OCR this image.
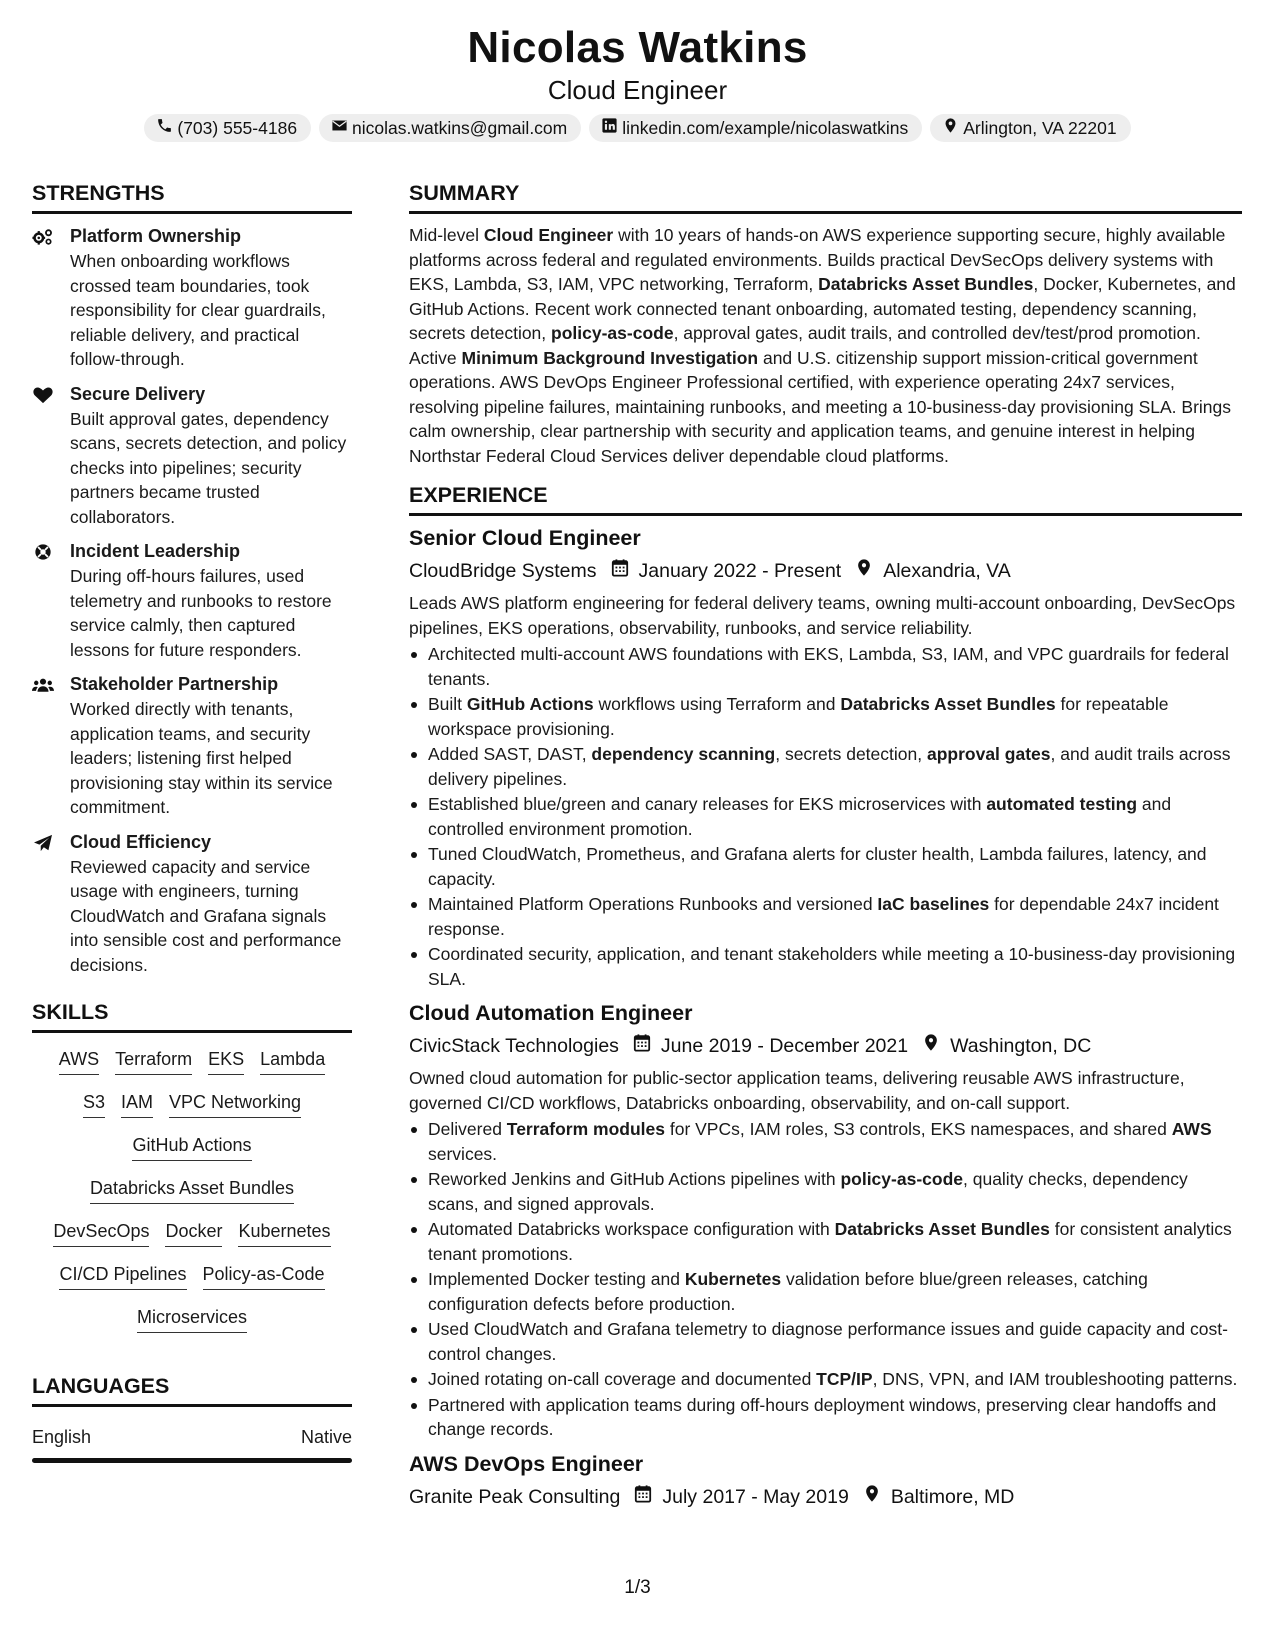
Nicolas Watkins
Cloud Engineer
(703) 555-4186	nicolas.watkins@gmail.com	linkedin.com/example/nicolaswatkins	Arlington, VA 22201
STRENGTHS
Platform Ownership
When onboarding workflows crossed team boundaries, took responsibility for clear guardrails, reliable delivery, and practical follow-through.
Secure Delivery
Built approval gates, dependency scans, secrets detection, and policy checks into pipelines; security partners became trusted collaborators.
Incident Leadership
During off-hours failures, used telemetry and runbooks to restore service calmly, then captured lessons for future responders.
Stakeholder Partnership
Worked directly with tenants, application teams, and security leaders; listening first helped provisioning stay within its service commitment.
Cloud Efficiency
Reviewed capacity and service usage with engineers, turning CloudWatch and Grafana signals into sensible cost and performance decisions.
SKILLS
AWS Terraform EKS Lambda
S3 IAM VPC Networking
GitHub Actions
Databricks Asset Bundles
DevSecOps Docker Kubernetes
CI/CD Pipelines Policy-as-Code
Microservices
LANGUAGES
English	Native
SUMMARY
Mid-level Cloud Engineer with 10 years of hands-on AWS experience supporting secure, highly available platforms across federal and regulated environments. Builds practical DevSecOps delivery systems with EKS, Lambda, S3, IAM, VPC networking, Terraform, Databricks Asset Bundles, Docker, Kubernetes, and GitHub Actions. Recent work connected tenant onboarding, automated testing, dependency scanning, secrets detection, policy-as-code, approval gates, audit trails, and controlled dev/test/prod promotion. Active Minimum Background Investigation and U.S. citizenship support mission-critical government operations. AWS DevOps Engineer Professional certified, with experience operating 24x7 services, resolving pipeline failures, maintaining runbooks, and meeting a 10-business-day provisioning SLA. Brings calm ownership, clear partnership with security and application teams, and genuine interest in helping Northstar Federal Cloud Services deliver dependable cloud platforms.
EXPERIENCE
Senior Cloud Engineer
CloudBridge Systems January 2022 - Present Alexandria, VA
Leads AWS platform engineering for federal delivery teams, owning multi-account onboarding, DevSecOps pipelines, EKS operations, observability, runbooks, and service reliability.
Architected multi-account AWS foundations with EKS, Lambda, S3, IAM, and VPC guardrails for federal tenants.
Built GitHub Actions workflows using Terraform and Databricks Asset Bundles for repeatable workspace provisioning.
Added SAST, DAST, dependency scanning, secrets detection, approval gates, and audit trails across delivery pipelines.
Established blue/green and canary releases for EKS microservices with automated testing and controlled environment promotion.
Tuned CloudWatch, Prometheus, and Grafana alerts for cluster health, Lambda failures, latency, and capacity.
Maintained Platform Operations Runbooks and versioned IaC baselines for dependable 24x7 incident response.
Coordinated security, application, and tenant stakeholders while meeting a 10-business-day provisioning SLA.
Cloud Automation Engineer
CivicStack Technologies June 2019 - December 2021 Washington, DC
Owned cloud automation for public-sector application teams, delivering reusable AWS infrastructure, governed CI/CD workflows, Databricks onboarding, observability, and on-call support.
Delivered Terraform modules for VPCs, IAM roles, S3 controls, EKS namespaces, and shared AWS services.
Reworked Jenkins and GitHub Actions pipelines with policy-as-code, quality checks, dependency scans, and signed approvals.
Automated Databricks workspace configuration with Databricks Asset Bundles for consistent analytics tenant promotions.
Implemented Docker testing and Kubernetes validation before blue/green releases, catching configuration defects before production.
Used CloudWatch and Grafana telemetry to diagnose performance issues and guide capacity and cost-control changes.
Joined rotating on-call coverage and documented TCP/IP, DNS, VPN, and IAM troubleshooting patterns.
Partnered with application teams during off-hours deployment windows, preserving clear handoffs and change records.
AWS DevOps Engineer
Granite Peak Consulting July 2017 - May 2019 Baltimore, MD
1/3
